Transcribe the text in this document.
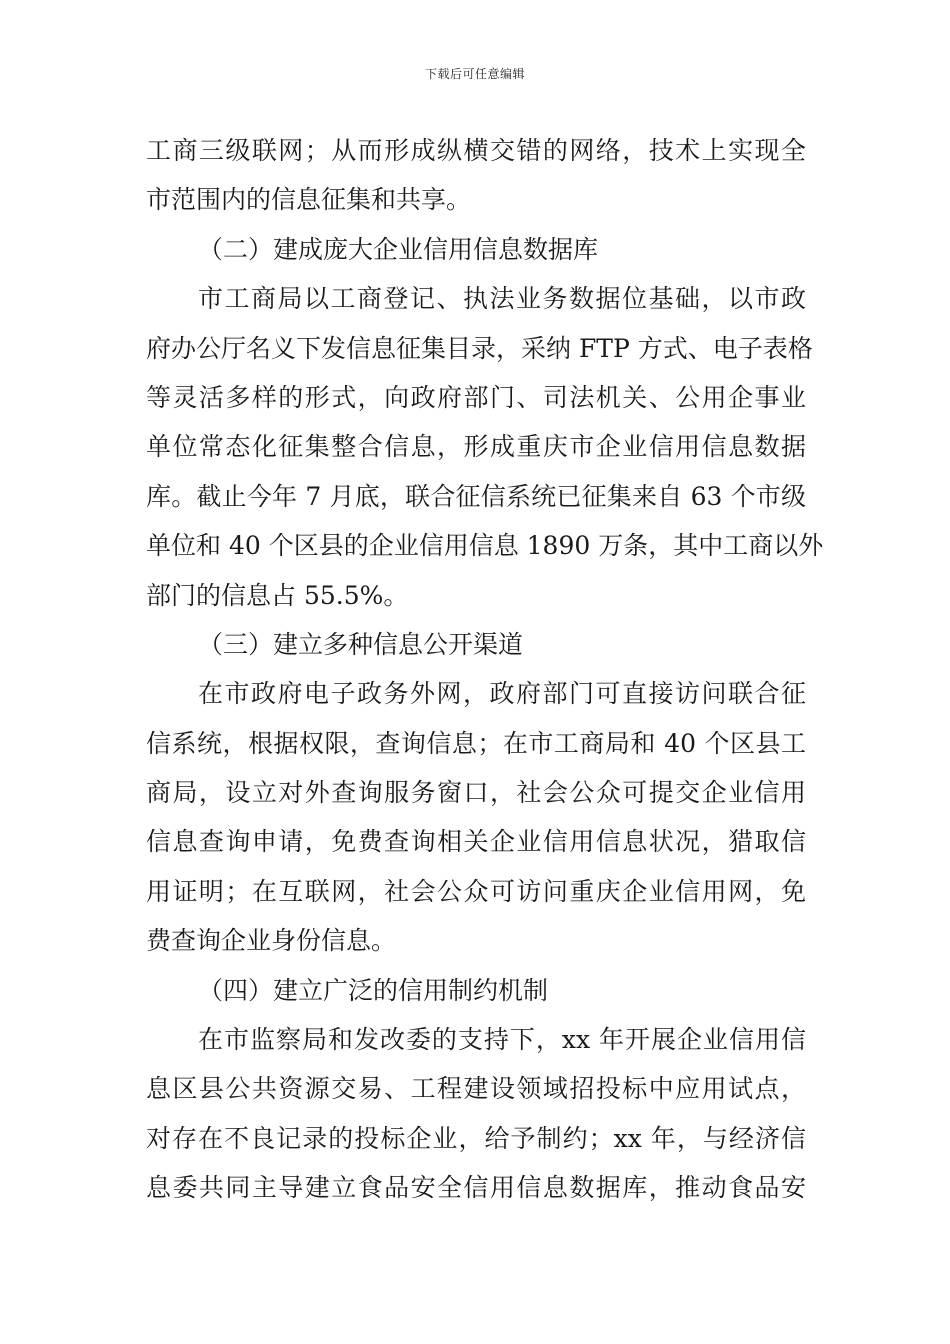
下载后可任意编辑
工商三级联网；从而形成纵横交错的网络，技术上实现全
市范围内的信息征集和共享。
（二）建成庞大企业信用信息数据库
市工商局以工商登记、执法业务数据位基础，以市政
府办公厅名义下发信息征集目录，采纳 FTP 方式、电子表格
等灵活多样的形式，向政府部门、司法机关、公用企事业
单位常态化征集整合信息，形成重庆市企业信用信息数据
库。截止今年 7 月底，联合征信系统已征集来自 63 个市级
单位和 40 个区县的企业信用信息 1890 万条，其中工商以外
部门的信息占 55.5%。
（三）建立多种信息公开渠道
在市政府电子政务外网，政府部门可直接访问联合征
信系统，根据权限，查询信息；在市工商局和 40 个区县工
商局，设立对外查询服务窗口，社会公众可提交企业信用
信息查询申请，免费查询相关企业信用信息状况，猎取信
用证明；在互联网，社会公众可访问重庆企业信用网，免
费查询企业身份信息。
（四）建立广泛的信用制约机制
在市监察局和发改委的支持下，xx 年开展企业信用信
息区县公共资源交易、工程建设领域招投标中应用试点，
对存在不良记录的投标企业，给予制约；xx 年，与经济信
息委共同主导建立食品安全信用信息数据库，推动食品安
